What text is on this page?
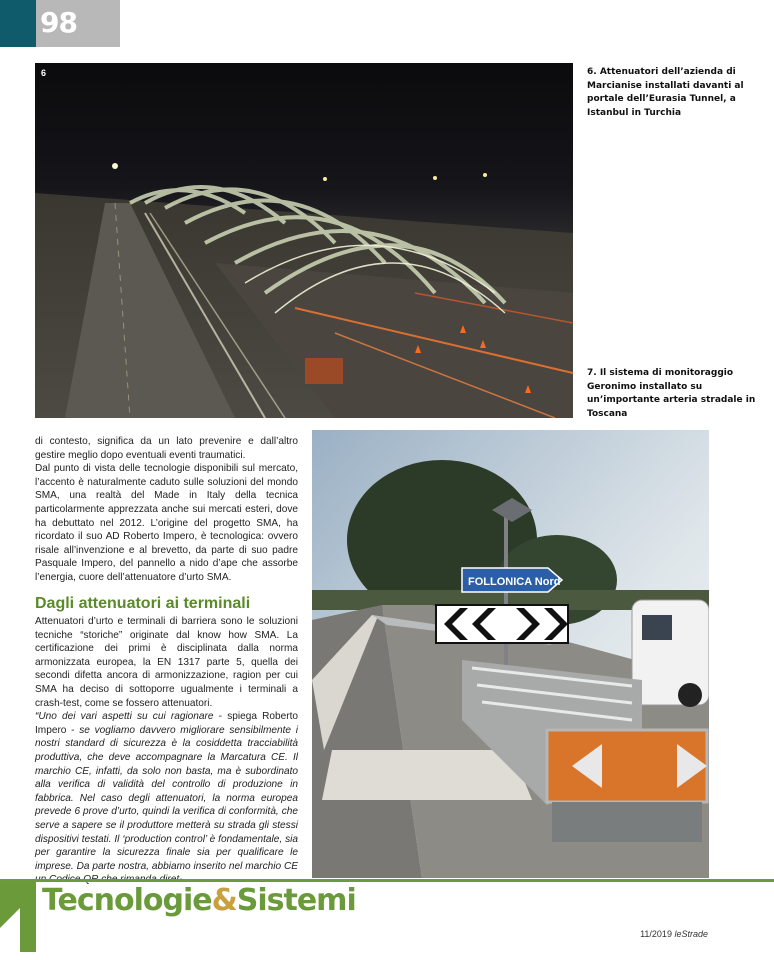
98
6	6. Attenuatori dell’azienda di Marcianise installati davanti al portale dell’Eurasia Tunnel, a Istanbul in Turchia
7. Il sistema di monitoraggio Geronimo installato su un’importante arteria stradale in Toscana
FOLLONICA Nord

di contesto, significa da un lato prevenire e dall’altro gestire meglio dopo eventuali eventi traumatici.

Dal punto di vista delle tecnologie disponibili sul mercato, l’accento è naturalmente caduto sulle soluzioni del mondo SMA, una realtà del Made in Italy della tecnica particolarmente apprezzata anche sui mercati esteri, dove ha debuttato nel 2012. L’origine del progetto SMA, ha ricordato il suo AD Roberto Impero, è tecnologica: ovvero risale all’invenzione e al brevetto, da parte di suo padre Pasquale Impero, del pannello a nido d’ape che assorbe l’energia, cuore dell’attenuatore d’urto SMA.

Dagli attenuatori ai terminali

Attenuatori d’urto e terminali di barriera sono le soluzioni tecniche “storiche” originate dal know how SMA. La certificazione dei primi è disciplinata dalla norma armonizzata europea, la EN 1317 parte 5, quella dei secondi difetta ancora di armonizzazione, ragion per cui SMA ha deciso di sottoporre ugualmente i terminali a crash-test, come se fossero attenuatori.

“Uno dei vari aspetti su cui ragionare - spiega Roberto Impero - se vogliamo davvero migliorare sensibilmente i nostri standard di sicurezza è la cosiddetta tracciabilità produttiva, che deve accompagnare la Marcatura CE. Il marchio CE, infatti, da solo non basta, ma è subordinato alla verifica di validità del controllo di produzione in fabbrica. Nel caso degli attenuatori, la norma europea prevede 6 prove d’urto, quindi la verifica di conformità, che serve a sapere se il produttore metterà su strada gli stessi dispositivi testati. Il ‘production control’ è fondamentale, sia per garantire la sicurezza finale sia per qualificare le imprese. Da parte nostra, abbiamo inserito nel marchio CE

Tecnologie&Sistemi
11/2019 leStrade
